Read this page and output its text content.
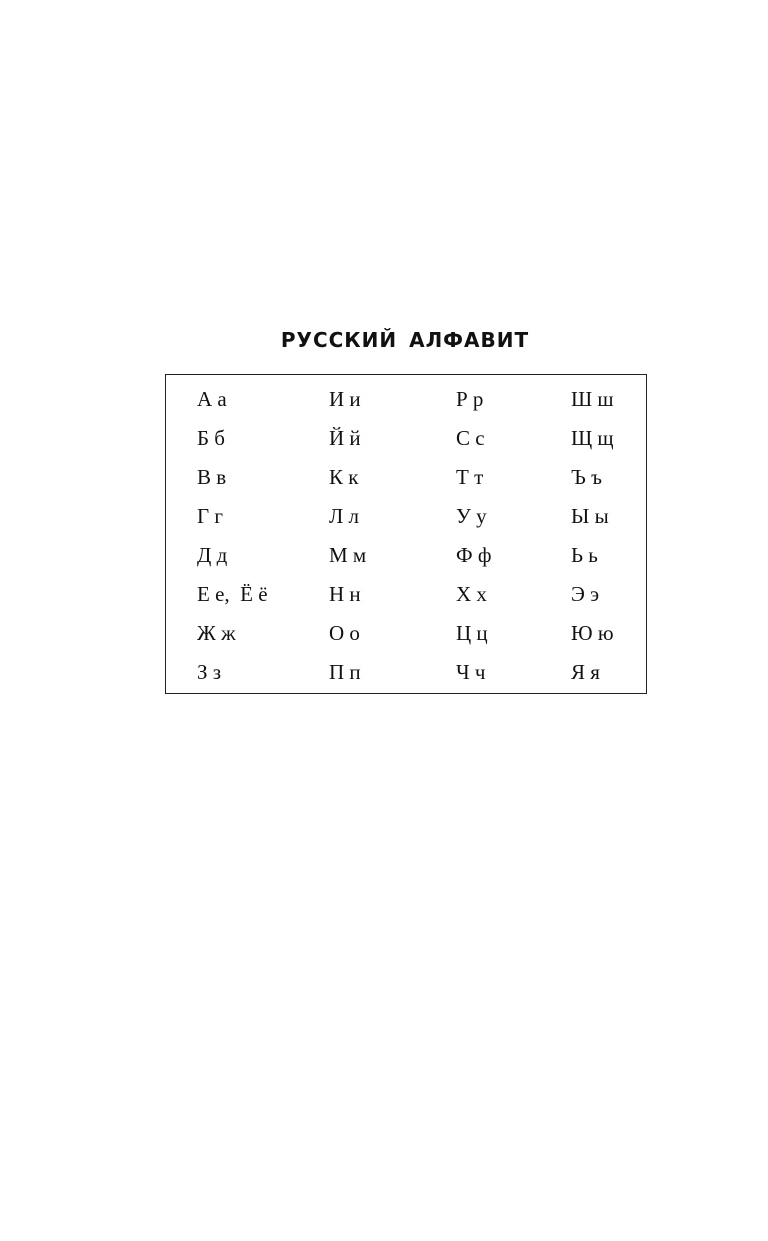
РУССКИЙ АЛФАВИТ
А а
Б б
В в
Г г
Д д
Е е,  Ё ё
Ж ж
З з
И и
Й й
К к
Л л
М м
Н н
О о
П п
Р р
С с
Т т
У у
Ф ф
Х х
Ц ц
Ч ч
Ш ш
Щ щ
Ъ ъ
Ы ы
Ь ь
Э э
Ю ю
Я я
